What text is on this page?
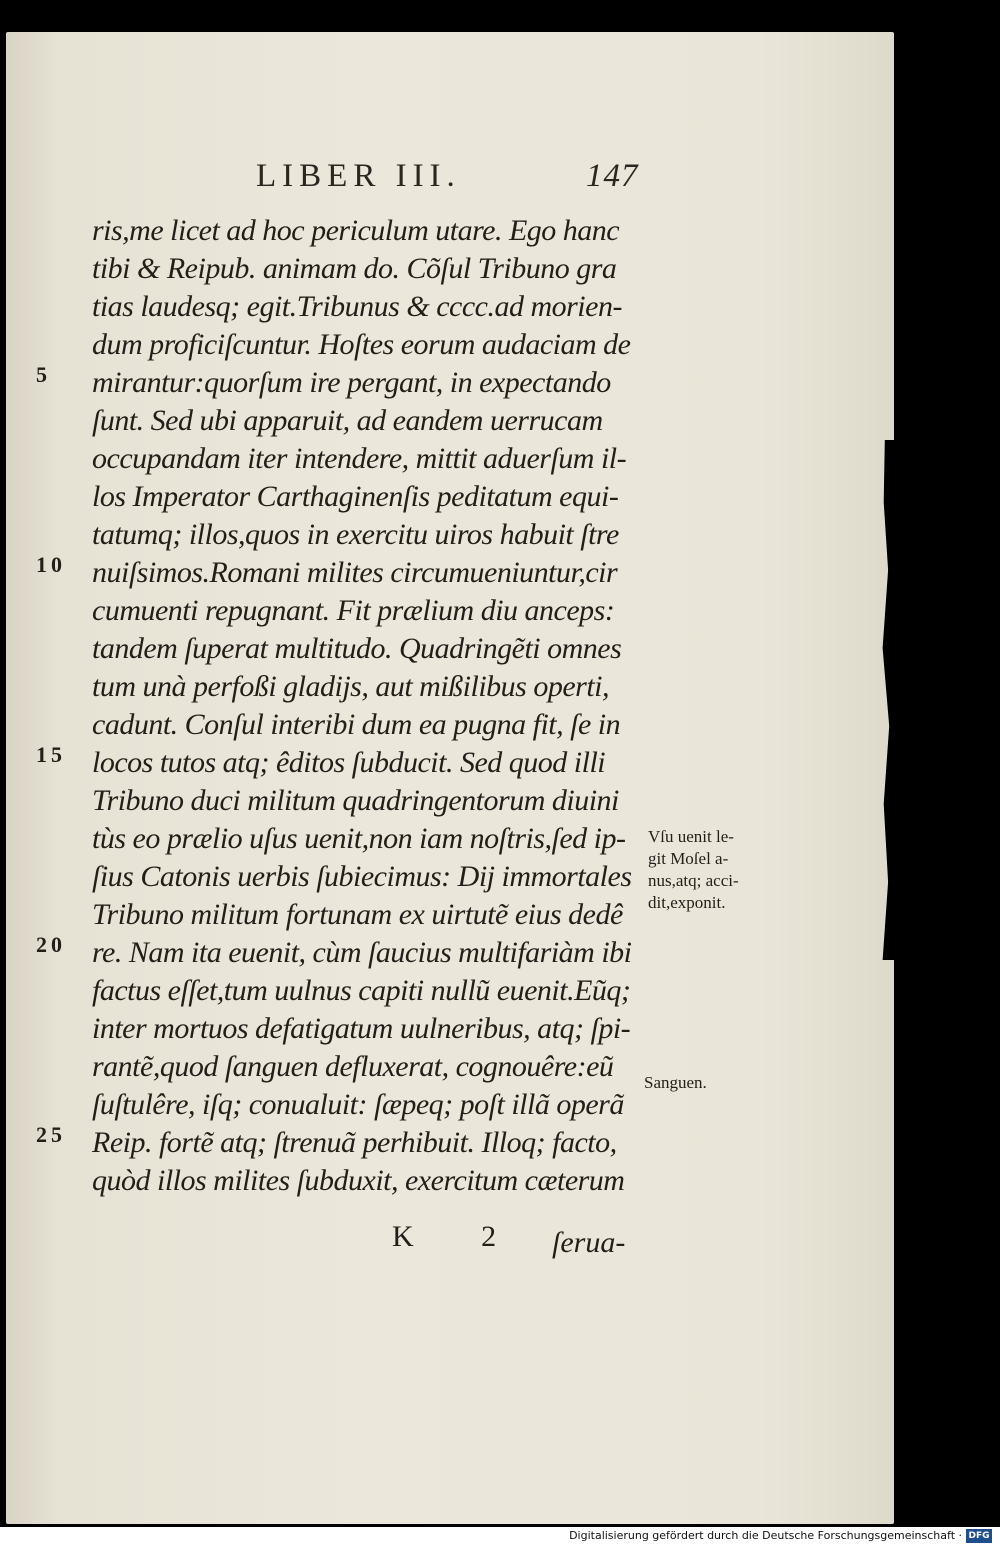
LIBER III.	147
ris,me licet ad hoc periculum utare. Ego hanc
tibi & Reipub. animam do. Cõſul Tribuno gra
tias laudesq; egit.Tribunus & cccc.ad morien-
dum proficiſcuntur. Hoſtes eorum audaciam de
mirantur:quorſum ire pergant, in expectando
ſunt. Sed ubi apparuit, ad eandem uerrucam
occupandam iter intendere, mittit aduerſum il-
los Imperator Carthaginenſis peditatum equi-
tatumq; illos,quos in exercitu uiros habuit ſtre
nuiſsimos.Romani milites circumueniuntur,cir
cumuenti repugnant. Fit prælium diu anceps:
tandem ſuperat multitudo. Quadringẽti omnes
tum unà perfoßi gladijs, aut mißilibus operti,
cadunt. Conſul interibi dum ea pugna fit, ſe in
locos tutos atq; êditos ſubducit. Sed quod illi
Tribuno duci militum quadringentorum diuini
tùs eo prælio uſus uenit,non iam noſtris,ſed ip-
ſius Catonis uerbis ſubiecimus: Dij immortales
Tribuno militum fortunam ex uirtutẽ eius dedê
re. Nam ita euenit, cùm ſaucius multifariàm ibi
factus eſſet,tum uulnus capiti nullũ euenit.Eũq;
inter mortuos defatigatum uulneribus, atq; ſpi-
rantẽ,quod ſanguen defluxerat, cognouêre:eũ
ſuſtulêre, iſq; conualuit: ſæpeq; poſt illã operã
Reip. fortẽ atq; ſtrenuã perhibuit. Illoq; facto,
quòd illos milites ſubduxit, exercitum cæterum
5
10
15
20
25
Vſu uenit le-
git Moſel a-
nus,atq; acci-
dit,exponit.
Sanguen.
K 2 ſerua-
Digitalisierung gefördert durch die Deutsche Forschungsgemeinschaft · DFG
